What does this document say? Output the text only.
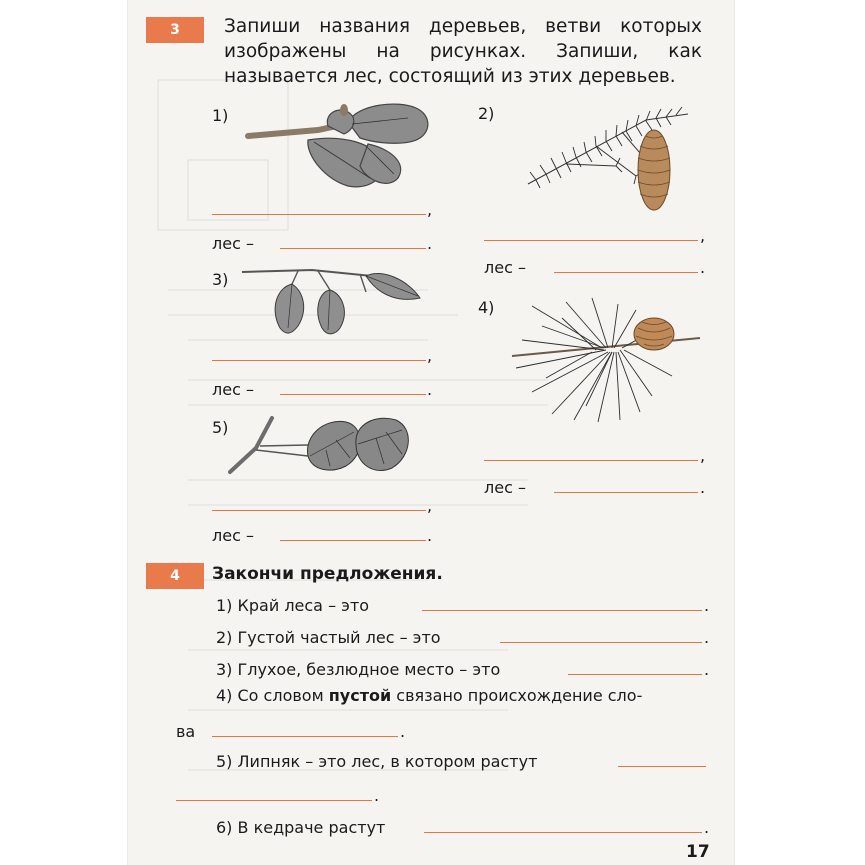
3	Запиши названия деревьев, ветви которых изображены на рисунках. Запиши, как называется лес, состоящий из этих деревьев.
1)
,
лес –	.
2)
,
лес –	.
3)
,
лес –	.
4)
,
лес –	.
5)
,
лес –	.
4	Закончи предложения.
1) Край леса – это	.
2) Густой частый лес – это	.
3) Глухое, безлюдное место – это	.
4) Со словом пустой связано происхождение сло-
ва	.
5) Липняк – это лес, в котором растут
.
6) В кедраче растут	.
17
